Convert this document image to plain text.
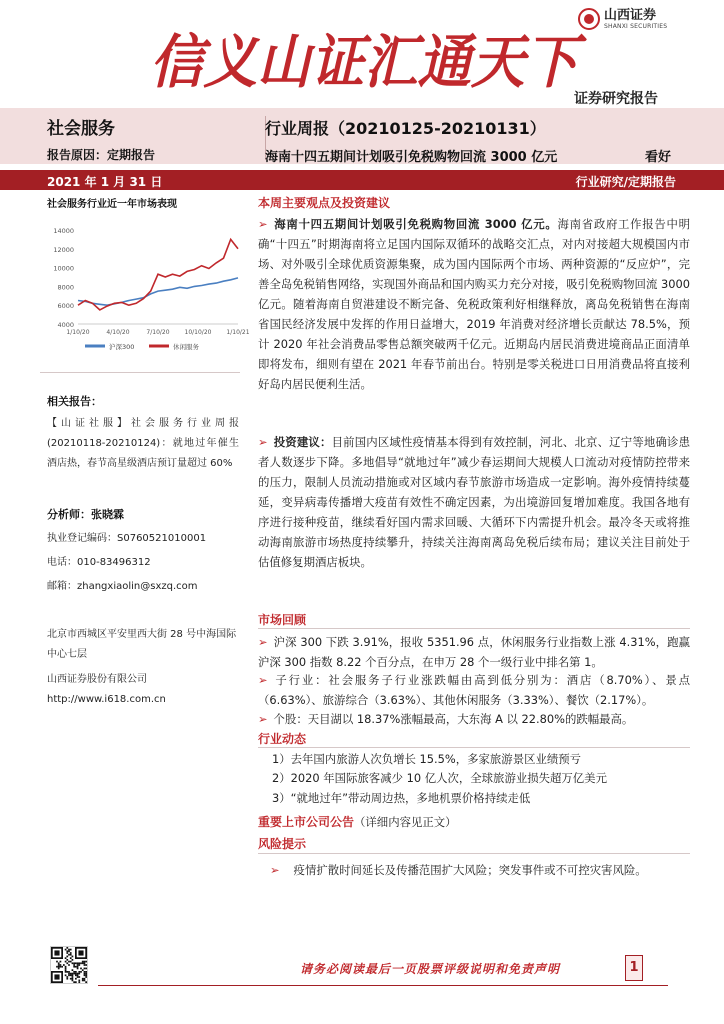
信义山证汇通天下
山西证券
SHANXI SECURITIES
证券研究报告
社会服务
报告原因：定期报告
行业周报（20210125-20210131）
海南十四五期间计划吸引免税购物回流 3000 亿元	看好
2021 年 1 月 31 日	行业研究/定期报告
社会服务行业近一年市场表现
4000
6000
8000
10000
12000
14000
1/10/20	4/10/20	7/10/20 10/10/20 1/10/21
沪深300	休闲服务
相关报告：
【山证社服】社会服务行业周报(20210118-20210124)：就地过年催生酒店热，春节高星级酒店预订量超过 60%
分析师：张晓霖
执业登记编码：S0760521010001
电话：010-83496312
邮箱：zhangxiaolin@sxzq.com
北京市西城区平安里西大街 28 号中海国际中心七层
山西证券股份有限公司
http://www.i618.com.cn
本周主要观点及投资建议
➢ 海南十四五期间计划吸引免税购物回流 3000 亿元。海南省政府工作报告中明确“十四五”时期海南将立足国内国际双循环的战略交汇点，对内对接超大规模国内市场、对外吸引全球优质资源集聚，成为国内国际两个市场、两种资源的“反应炉”，完善全岛免税销售网络，实现国外商品和国内购买力充分对接，吸引免税购物回流 3000 亿元。随着海南自贸港建设不断完备、免税政策利好相继释放，离岛免税销售在海南省国民经济发展中发挥的作用日益增大，2019 年消费对经济增长贡献达 78.5%，预计 2020 年社会消费品零售总额突破两千亿元。近期岛内居民消费进境商品正面清单即将发布，细则有望在 2021 年春节前出台。特别是零关税进口日用消费品将直接利好岛内居民便利生活。
➢ 投资建议：目前国内区域性疫情基本得到有效控制，河北、北京、辽宁等地确诊患者人数逐步下降。多地倡导“就地过年”减少春运期间大规模人口流动对疫情防控带来的压力，限制人员流动措施或对区域内春节旅游市场造成一定影响。海外疫情持续蔓延，变异病毒传播增大疫苗有效性不确定因素，为出境游回复增加难度。我国各地有序进行接种疫苗，继续看好国内需求回暖、大循环下内需提升机会。最冷冬天或将推动海南旅游市场热度持续攀升，持续关注海南离岛免税后续布局；建议关注目前处于估值修复期酒店板块。
市场回顾
➢ 沪深 300 下跌 3.91%，报收 5351.96 点，休闲服务行业指数上涨 4.31%，跑赢沪深 300 指数 8.22 个百分点，在申万 28 个一级行业中排名第 1。
➢ 子行业：社会服务子行业涨跌幅由高到低分别为：酒店（8.70%）、景点（6.63%）、旅游综合（3.63%）、其他休闲服务（3.33%）、餐饮（2.17%）。
➢ 个股：天目湖以 18.37%涨幅最高，大东海 A 以 22.80%的跌幅最高。
行业动态
1）去年国内旅游人次负增长 15.5%，多家旅游景区业绩预亏
2）2020 年国际旅客减少 10 亿人次，全球旅游业损失超万亿美元
3）“就地过年”带动周边热，多地机票价格持续走低
重要上市公司公告（详细内容见正文）
风险提示
➢ 疫情扩散时间延长及传播范围扩大风险；突发事件或不可控灾害风险。
请务必阅读最后一页股票评级说明和免责声明	1
